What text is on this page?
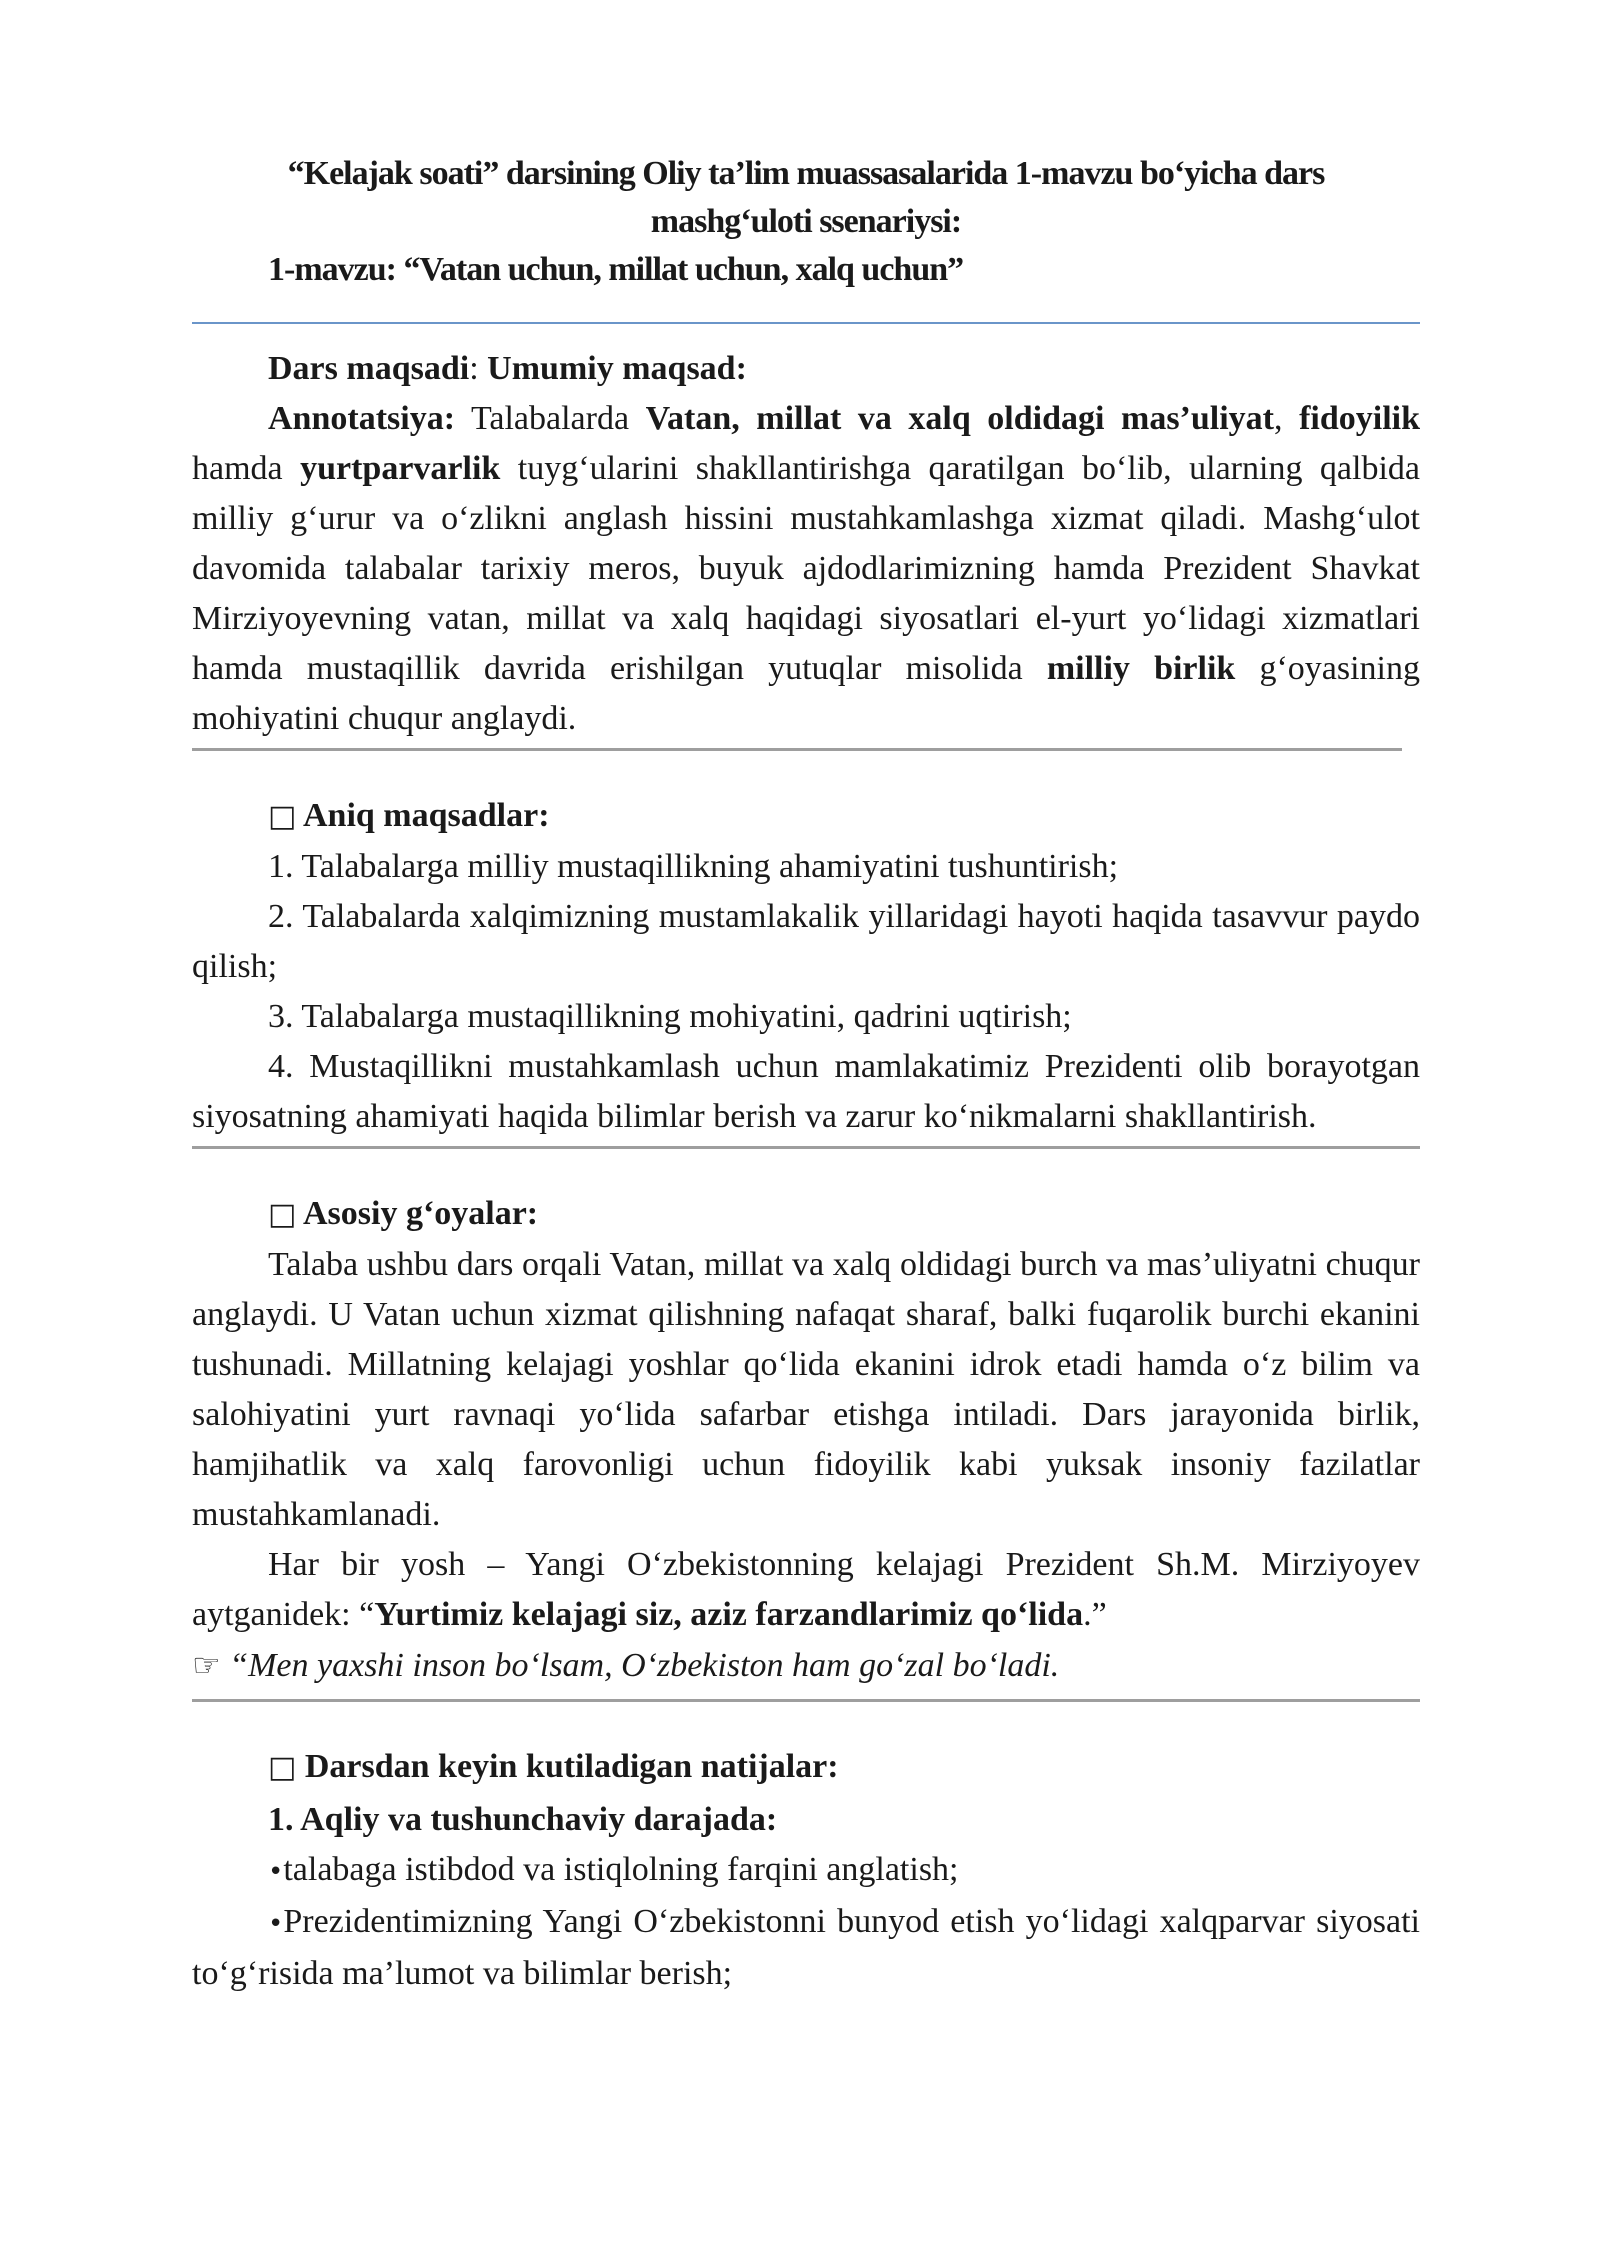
“Kelajak soati” darsining Oliy ta’lim muassasalarida 1-mavzu bo‘yicha dars

mashg‘uloti ssenariysi:

1-mavzu: “Vatan uchun, millat uchun, xalq uchun”

Dars maqsadi: Umumiy maqsad:

Annotatsiya: Talabalarda Vatan, millat va xalq oldidagi mas’uliyat, fidoyilik hamda yurtparvarlik tuyg‘ularini shakllantirishga qaratilgan bo‘lib, ularning qalbida milliy g‘urur va o‘zlikni anglash hissini mustahkamlashga xizmat qiladi. Mashg‘ulot davomida talabalar tarixiy meros, buyuk ajdodlarimizning hamda Prezident Shavkat Mirziyoyevning vatan, millat va xalq haqidagi siyosatlari el-yurt yo‘lidagi xizmatlari hamda mustaqillik davrida erishilgan yutuqlar misolida milliy birlik g‘oyasining mohiyatini chuqur anglaydi.

□ Aniq maqsadlar:

1. Talabalarga milliy mustaqillikning ahamiyatini tushuntirish;

2. Talabalarda xalqimizning mustamlakalik yillaridagi hayoti haqida tasavvur paydo qilish;

3. Talabalarga mustaqillikning mohiyatini, qadrini uqtirish;

4. Mustaqillikni mustahkamlash uchun mamlakatimiz Prezidenti olib borayotgan siyosatning ahamiyati haqida bilimlar berish va zarur ko‘nikmalarni shakllantirish.

□ Asosiy g‘oyalar:

Talaba ushbu dars orqali Vatan, millat va xalq oldidagi burch va mas’uliyatni chuqur anglaydi. U Vatan uchun xizmat qilishning nafaqat sharaf, balki fuqarolik burchi ekanini tushunadi. Millatning kelajagi yoshlar qo‘lida ekanini idrok etadi hamda o‘z bilim va salohiyatini yurt ravnaqi yo‘lida safarbar etishga intiladi. Dars jarayonida birlik, hamjihatlik va xalq farovonligi uchun fidoyilik kabi yuksak insoniy fazilatlar mustahkamlanadi.

Har bir yosh – Yangi O‘zbekistonning kelajagi Prezident Sh.M. Mirziyoyev aytganidek: “Yurtimiz kelajagi siz, aziz farzandlarimiz qo‘lida.”

☞ “Men yaxshi inson bo‘lsam, O‘zbekiston ham go‘zal bo‘ladi.

□ Darsdan keyin kutiladigan natijalar:

1. Aqliy va tushunchaviy darajada:

•talabaga istibdod va istiqlolning farqini anglatish;

•Prezidentimizning Yangi O‘zbekistonni bunyod etish yo‘lidagi xalqparvar siyosati to‘g‘risida ma’lumot va bilimlar berish;
